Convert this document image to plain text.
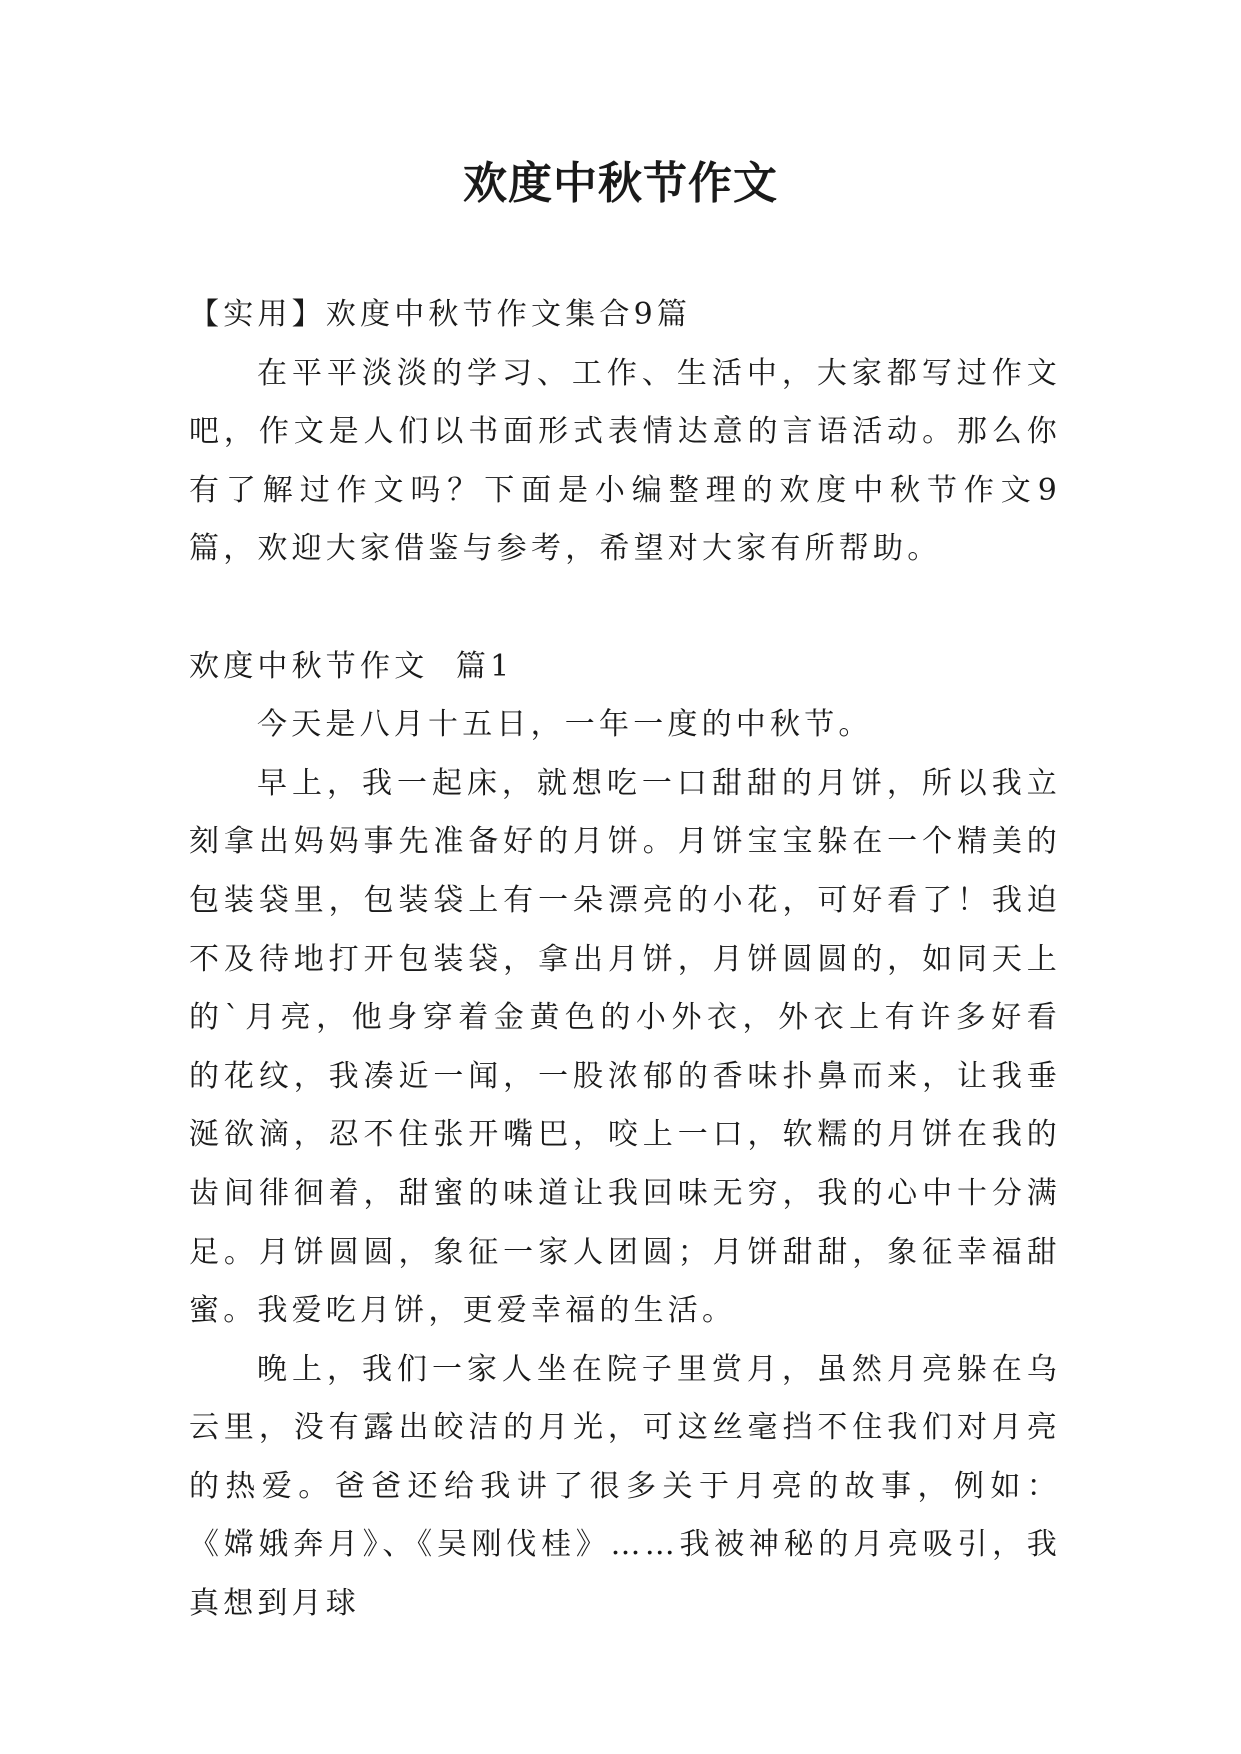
欢度中秋节作文

【实用】欢度中秋节作文集合9篇

在平平淡淡的学习、工作、生活中，大家都写过作文吧，作文是人们以书面形式表情达意的言语活动。那么你有了解过作文吗？下面是小编整理的欢度中秋节作文9篇，欢迎大家借鉴与参考，希望对大家有所帮助。

欢度中秋节作文  篇1

今天是八月十五日，一年一度的中秋节。

早上，我一起床，就想吃一口甜甜的月饼，所以我立刻拿出妈妈事先准备好的月饼。月饼宝宝躲在一个精美的包装袋里，包装袋上有一朵漂亮的小花，可好看了！我迫不及待地打开包装袋，拿出月饼，月饼圆圆的，如同天上的`月亮，他身穿着金黄色的小外衣，外衣上有许多好看的花纹，我凑近一闻，一股浓郁的香味扑鼻而来，让我垂涎欲滴，忍不住张开嘴巴，咬上一口，软糯的月饼在我的齿间徘徊着，甜蜜的味道让我回味无穷，我的心中十分满足。月饼圆圆，象征一家人团圆；月饼甜甜，象征幸福甜蜜。我爱吃月饼，更爱幸福的生活。

晚上，我们一家人坐在院子里赏月，虽然月亮躲在乌云里，没有露出皎洁的月光，可这丝毫挡不住我们对月亮的热爱。爸爸还给我讲了很多关于月亮的故事，例如：《嫦娥奔月》、《吴刚伐桂》……我被神秘的月亮吸引，我真想到月球
